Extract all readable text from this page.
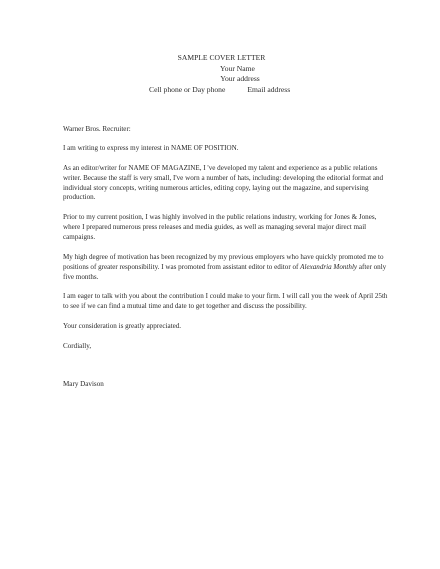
SAMPLE COVER LETTER
Your Name
Your address
Cell phone or Day phone	Email address

Warner Bros. Recruiter:

I am writing to express my interest in NAME OF POSITION.

As an editor/writer for NAME OF MAGAZINE, I 've developed my talent and experience as a public relations writer. Because the staff is very small, I've worn a number of hats, including: developing the editorial format and individual story concepts, writing numerous articles, editing copy, laying out the magazine, and supervising production.

Prior to my current position, I was highly involved in the public relations industry, working for Jones & Jones, where I prepared numerous press releases and media guides, as well as managing several major direct mail campaigns.

My high degree of motivation has been recognized by my previous employers who have quickly promoted me to positions of greater responsibility. I was promoted from assistant editor to editor of Alexandria Monthly after only five months.

I am eager to talk with you about the contribution I could make to your firm. I will call you the week of April 25th to see if we can find a mutual time and date to get together and discuss the possibility.

Your consideration is greatly appreciated.

Cordially,

Mary Davison
